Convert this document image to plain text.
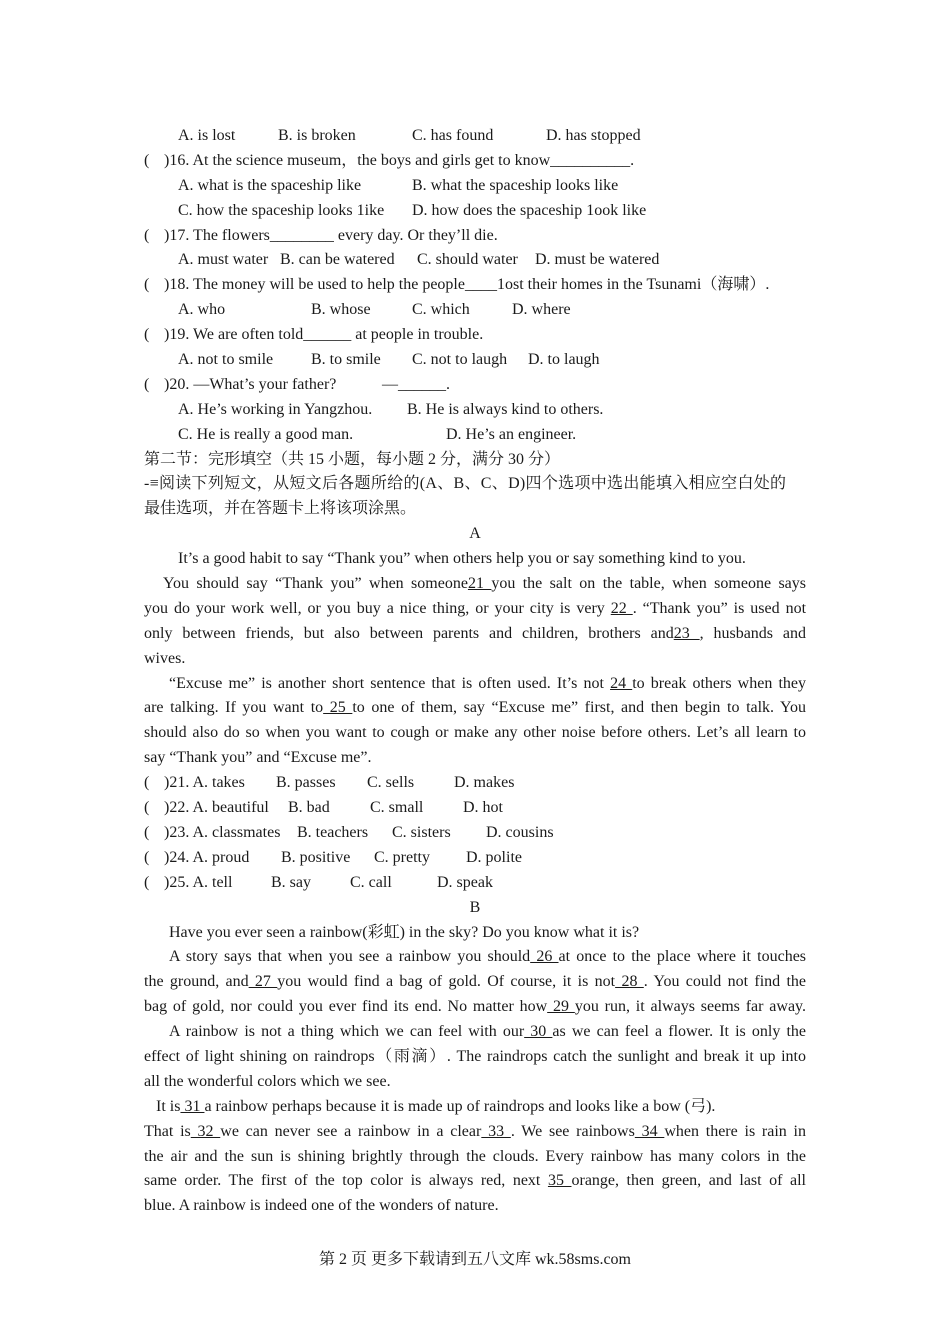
A. is lost	B. is broken	C. has found	D. has stopped
( )16. At the science museum，the boys and girls get to know__________.
A. what is the spaceship like	B. what the spaceship looks like
C. how the spaceship looks 1ike D. how does the spaceship 1ook like
( )17. The flowers________ every day. Or they’ll die.
A. must water B. can be watered C. should water D. must be watered
( )18. The money will be used to help the people____1ost their homes in the Tsunami（海啸）.
A. who	B. whose	C. which	D. where
( )19. We are often told______ at people in trouble.
A. not to smile B. to smile C. not to laugh D. to laugh
( )20. —What’s your father?	—______.
A. He’s working in Yangzhou. B. He is always kind to others.
C. He is really a good man.	D. He’s an engineer.
第二节：完形填空（共 15 小题，每小题 2 分，满分 30 分）
-≡阅读下列短文，从短文后各题所给的(A、B、C、D)四个选项中选出能填入相应空白处的
最佳选项，并在答题卡上将该项涂黑。
A
It’s a good habit to say “Thank you” when others help you or say something kind to you.
You should say “Thank you” when someone21 you the salt on the table, when someone says
you do your work well, or you buy a nice thing, or your city is very 22 . “Thank you” is used not
only between friends, but also between parents and children, brothers and23 , husbands and
wives.
“Excuse me” is another short sentence that is often used. It’s not 24 to break others when they
are talking. If you want to 25 to one of them, say “Excuse me” first, and then begin to talk. You
should also do so when you want to cough or make any other noise before others. Let’s all learn to
say “Thank you” and “Excuse me”.
( )21. A. takes B. passes C. sells D. makes
( )22. A. beautiful B. bad	C. small D. hot
( )23. A. classmates B. teachers C. sisters D. cousins
( )24. A. proud B. positive C. pretty D. polite
( )25. A. tell B. say C. call	D. speak
B
Have you ever seen a rainbow(彩虹) in the sky? Do you know what it is?
A story says that when you see a rainbow you should 26 at once to the place where it touches
the ground, and 27 you would find a bag of gold. Of course, it is not 28 . You could not find the
bag of gold, nor could you ever find its end. No matter how 29 you run, it always seems far away.
A rainbow is not a thing which we can feel with our 30 as we can feel a flower. It is only the
effect of light shining on raindrops（雨滴）. The raindrops catch the sunlight and break it up into
all the wonderful colors which we see.
It is 31 a rainbow perhaps because it is made up of raindrops and looks like a bow (弓).
That is 32 we can never see a rainbow in a clear 33 . We see rainbows 34 when there is rain in
the air and the sun is shining brightly through the clouds. Every rainbow has many colors in the
same order. The first of the top color is always red, next 35 orange, then green, and last of all
blue. A rainbow is indeed one of the wonders of nature.
第 2 页 更多下载请到五八文库 wk.58sms.com
